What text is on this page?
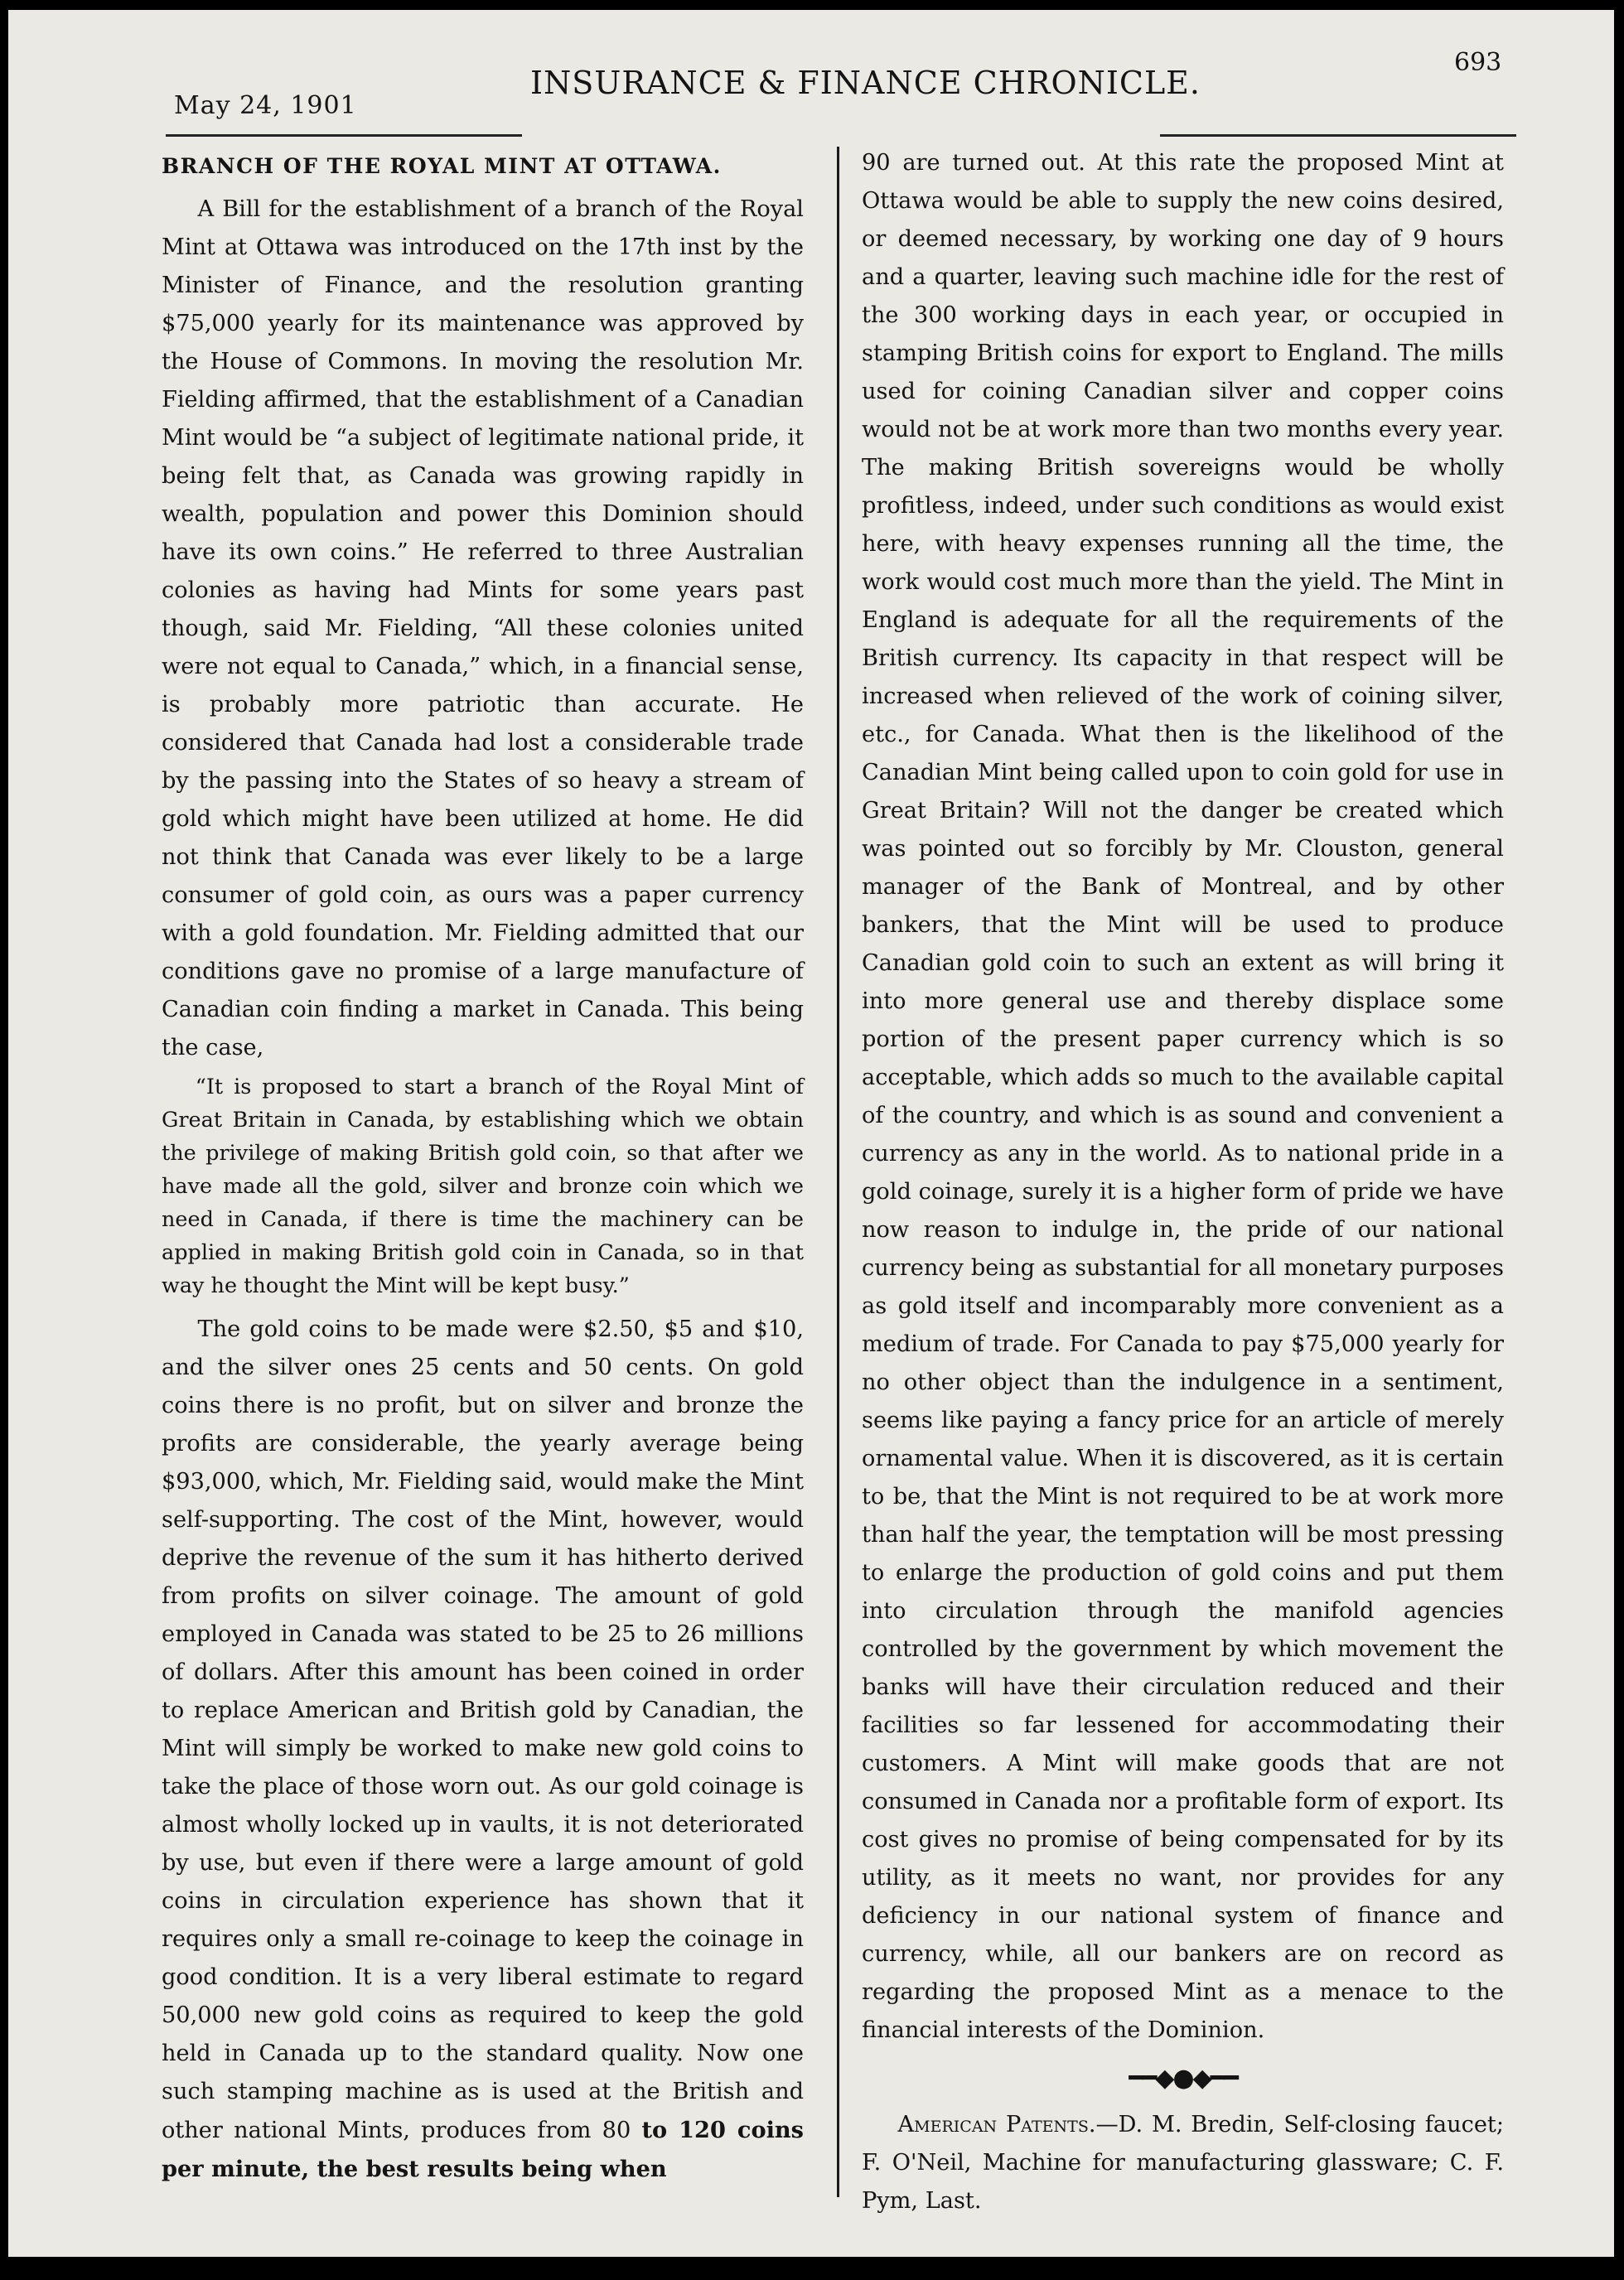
May 24, 1901
INSURANCE & FINANCE CHRONICLE.
693
BRANCH OF THE ROYAL MINT AT OTTAWA.

A Bill for the establishment of a branch of the Royal Mint at Ottawa was introduced on the 17th inst by the Minister of Finance, and the resolution granting $75,000 yearly for its maintenance was approved by the House of Commons. In moving the resolution Mr. Fielding affirmed, that the establishment of a Canadian Mint would be “a subject of legitimate national pride, it being felt that, as Canada was growing rapidly in wealth, population and power this Dominion should have its own coins.” He referred to three Australian colonies as having had Mints for some years past though, said Mr. Fielding, “All these colonies united were not equal to Canada,” which, in a financial sense, is probably more patriotic than accurate. He considered that Canada had lost a considerable trade by the passing into the States of so heavy a stream of gold which might have been utilized at home. He did not think that Canada was ever likely to be a large consumer of gold coin, as ours was a paper currency with a gold foundation. Mr. Fielding admitted that our conditions gave no promise of a large manufacture of Canadian coin finding a market in Canada. This being the case,

“It is proposed to start a branch of the Royal Mint of Great Britain in Canada, by establishing which we obtain the privilege of making British gold coin, so that after we have made all the gold, silver and bronze coin which we need in Canada, if there is time the machinery can be applied in making British gold coin in Canada, so in that way he thought the Mint will be kept busy.”

The gold coins to be made were $2.50, $5 and $10, and the silver ones 25 cents and 50 cents. On gold coins there is no profit, but on silver and bronze the profits are considerable, the yearly average being $93,000, which, Mr. Fielding said, would make the Mint self-supporting. The cost of the Mint, however, would deprive the revenue of the sum it has hitherto derived from profits on silver coinage. The amount of gold employed in Canada was stated to be 25 to 26 millions of dollars. After this amount has been coined in order to replace American and British gold by Canadian, the Mint will simply be worked to make new gold coins to take the place of those worn out. As our gold coinage is almost wholly locked up in vaults, it is not deteriorated by use, but even if there were a large amount of gold coins in circulation experience has shown that it requires only a small re-coinage to keep the coinage in good condition. It is a very liberal estimate to regard 50,000 new gold coins as required to keep the gold held in Canada up to the standard quality. Now one such stamping machine as is used at the British and other national Mints, produces from 80 to 120 coins per minute, the best results being when

90 are turned out. At this rate the proposed Mint at Ottawa would be able to supply the new coins desired, or deemed necessary, by working one day of 9 hours and a quarter, leaving such machine idle for the rest of the 300 working days in each year, or occupied in stamping British coins for export to England. The mills used for coining Canadian silver and copper coins would not be at work more than two months every year. The making British sovereigns would be wholly profitless, indeed, under such conditions as would exist here, with heavy expenses running all the time, the work would cost much more than the yield. The Mint in England is adequate for all the requirements of the British currency. Its capacity in that respect will be increased when relieved of the work of coining silver, etc., for Canada. What then is the likelihood of the Canadian Mint being called upon to coin gold for use in Great Britain? Will not the danger be created which was pointed out so forcibly by Mr. Clouston, general manager of the Bank of Montreal, and by other bankers, that the Mint will be used to produce Canadian gold coin to such an extent as will bring it into more general use and thereby displace some portion of the present paper currency which is so acceptable, which adds so much to the available capital of the country, and which is as sound and convenient a currency as any in the world. As to national pride in a gold coinage, surely it is a higher form of pride we have now reason to indulge in, the pride of our national currency being as substantial for all monetary purposes as gold itself and incomparably more convenient as a medium of trade. For Canada to pay $75,000 yearly for no other object than the indulgence in a sentiment, seems like paying a fancy price for an article of merely ornamental value. When it is discovered, as it is certain to be, that the Mint is not required to be at work more than half the year, the temptation will be most pressing to enlarge the production of gold coins and put them into circulation through the manifold agencies controlled by the government by which movement the banks will have their circulation reduced and their facilities so far lessened for accommodating their customers. A Mint will make goods that are not consumed in Canada nor a profitable form of export. Its cost gives no promise of being compensated for by its utility, as it meets no want, nor provides for any deficiency in our national system of finance and currency, while, all our bankers are on record as regarding the proposed Mint as a menace to the financial interests of the Dominion.

━━◆●◆━━

American Patents.—D. M. Bredin, Self-closing faucet; F. O'Neil, Machine for manufacturing glassware; C. F. Pym, Last.
